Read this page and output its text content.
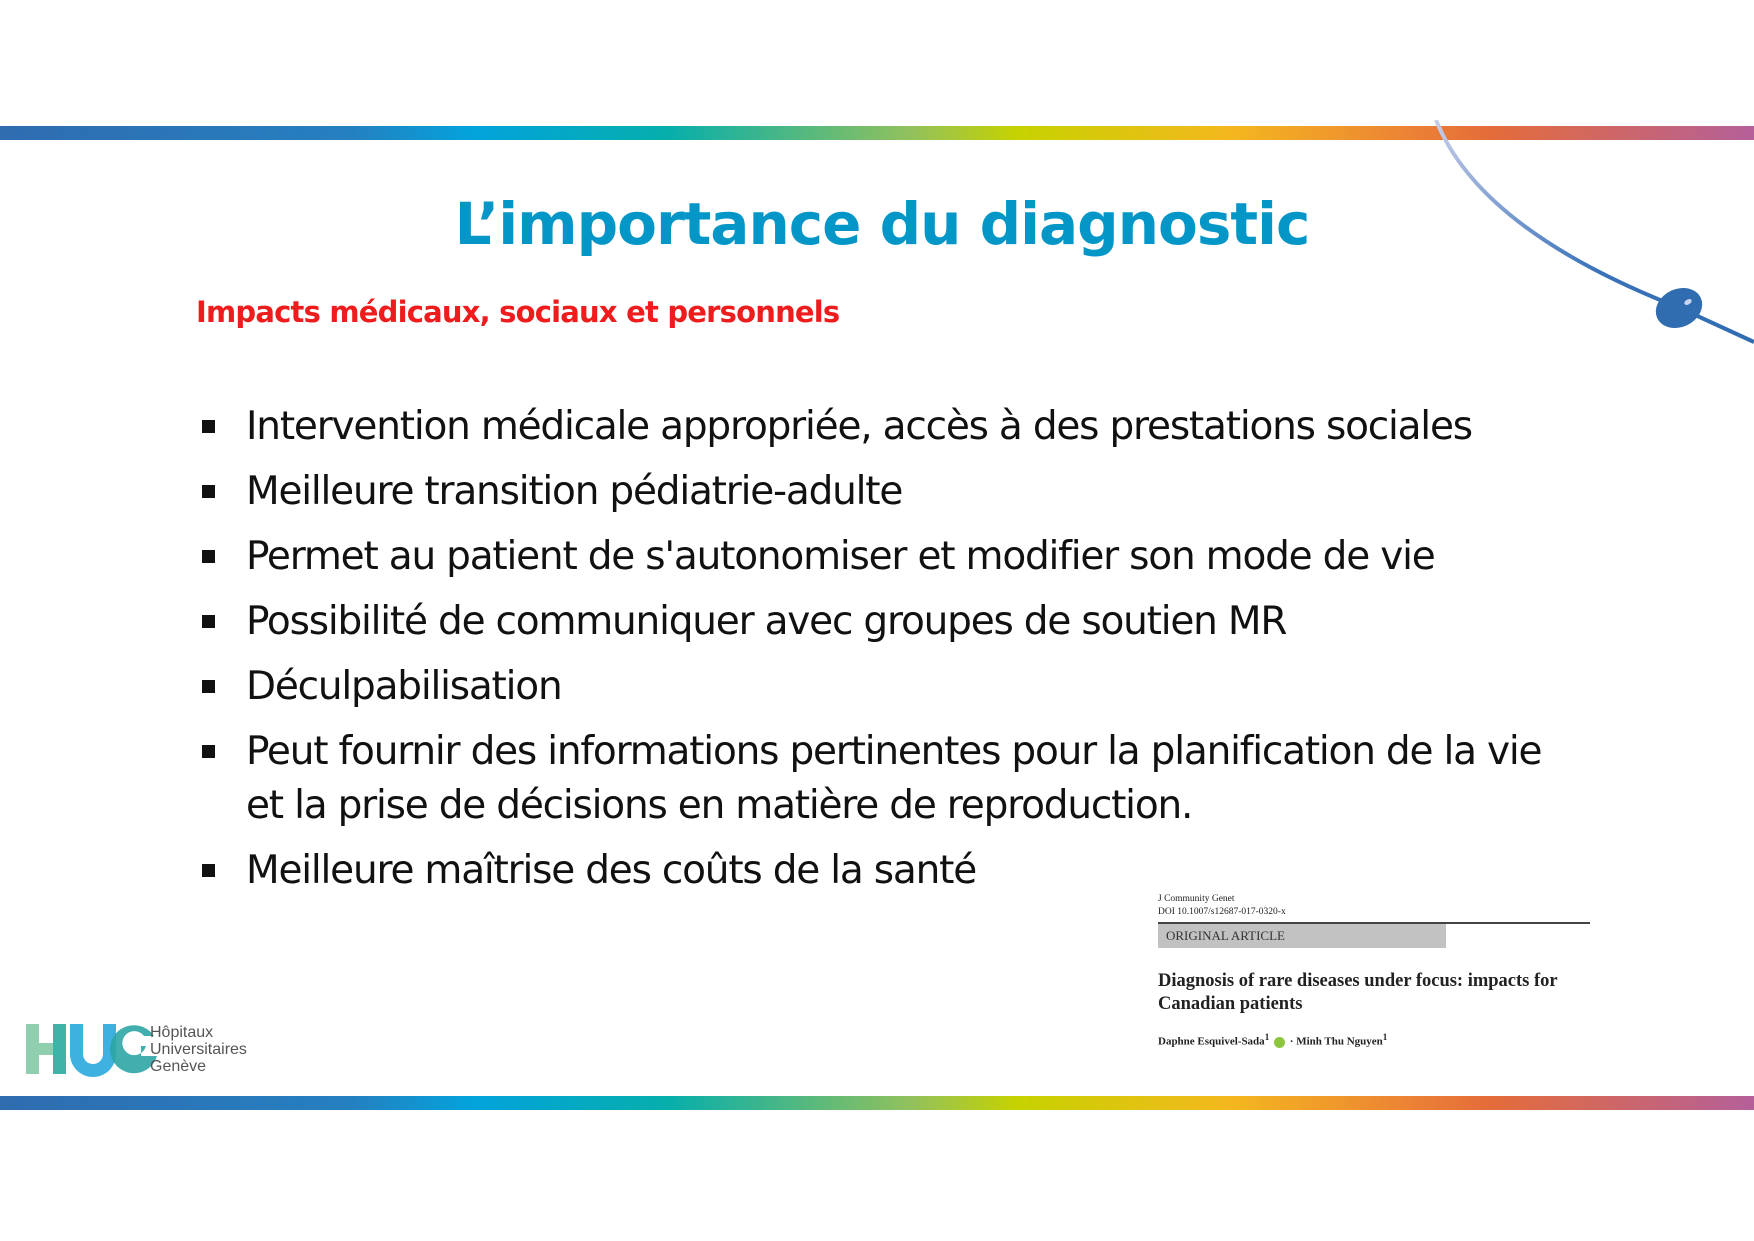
L’importance du diagnostic
Impacts médicaux, sociaux et personnels
Intervention médicale appropriée, accès à des prestations sociales
Meilleure transition pédiatrie-adulte
Permet au patient de s'autonomiser et modifier son mode de vie
Possibilité de communiquer avec groupes de soutien MR
Déculpabilisation
Peut fournir des informations pertinentes pour la planification de la vie et la prise de décisions en matière de reproduction.
Meilleure maîtrise des coûts de la santé
Hôpitaux
Universitaires
Genève
J Community Genet
DOI 10.1007/s12687-017-0320-x
ORIGINAL ARTICLE
Diagnosis of rare diseases under focus: impacts for Canadian patients
Daphne Esquivel-Sada$^1$ · Minh Thu Nguyen$^1$
